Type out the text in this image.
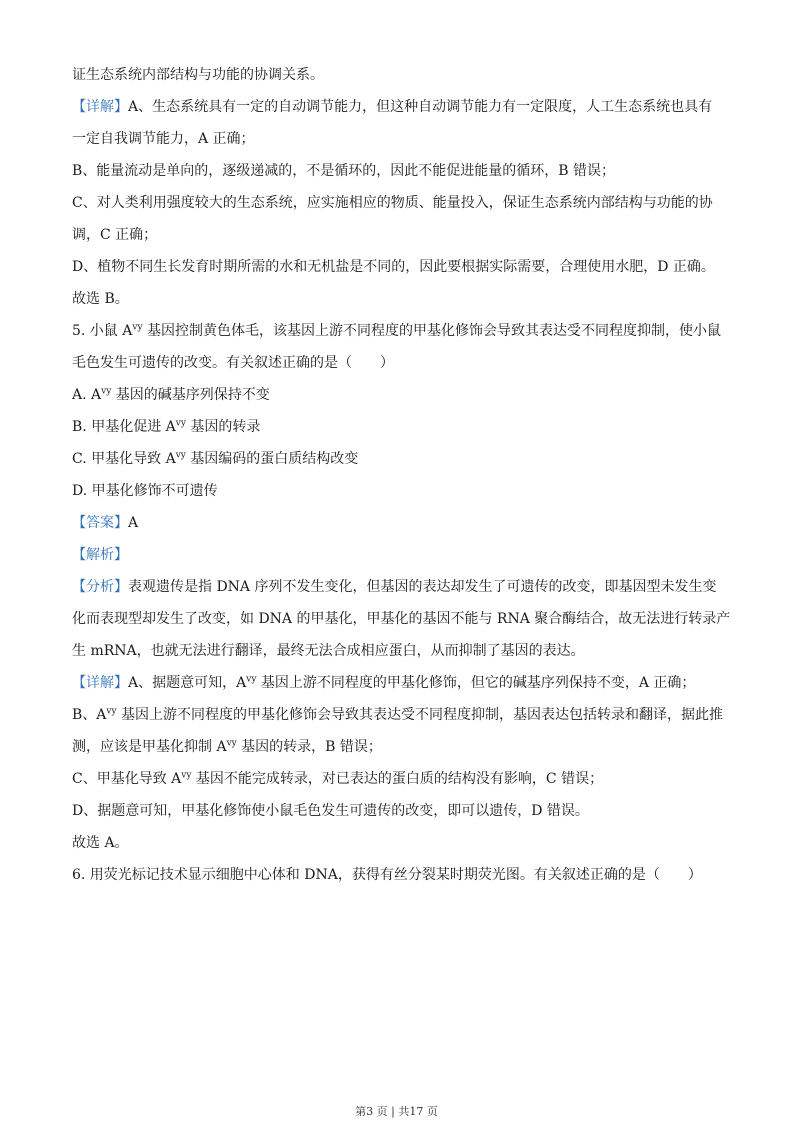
证生态系统内部结构与功能的协调关系。
【详解】A、生态系统具有一定的自动调节能力，但这种自动调节能力有一定限度，人工生态系统也具有
一定自我调节能力，A 正确；
B、能量流动是单向的，逐级递减的，不是循环的，因此不能促进能量的循环，B 错误；
C、对人类利用强度较大的生态系统，应实施相应的物质、能量投入，保证生态系统内部结构与功能的协
调，C 正确；
D、植物不同生长发育时期所需的水和无机盐是不同的，因此要根据实际需要，合理使用水肥，D 正确。
故选 B。
5. 小鼠 $A^{vy}$ 基因控制黄色体毛，该基因上游不同程度的甲基化修饰会导致其表达受不同程度抑制，使小鼠
毛色发生可遗传的改变。有关叙述正确的是（　　）
A. $A^{vy}$ 基因的碱基序列保持不变
B. 甲基化促进 $A^{vy}$ 基因的转录
C. 甲基化导致 $A^{vy}$ 基因编码的蛋白质结构改变
D. 甲基化修饰不可遗传
【答案】A
【解析】
【分析】表观遗传是指 DNA 序列不发生变化，但基因的表达却发生了可遗传的改变，即基因型未发生变
化而表现型却发生了改变，如 DNA 的甲基化，甲基化的基因不能与 RNA 聚合酶结合，故无法进行转录产
生 mRNA，也就无法进行翻译，最终无法合成相应蛋白，从而抑制了基因的表达。
【详解】A、据题意可知，$A^{vy}$ 基因上游不同程度的甲基化修饰，但它的碱基序列保持不变，A 正确；
B、$A^{vy}$ 基因上游不同程度的甲基化修饰会导致其表达受不同程度抑制，基因表达包括转录和翻译，据此推
测，应该是甲基化抑制 $A^{vy}$ 基因的转录，B 错误；
C、甲基化导致 $A^{vy}$ 基因不能完成转录，对已表达的蛋白质的结构没有影响，C 错误；
D、据题意可知，甲基化修饰使小鼠毛色发生可遗传的改变，即可以遗传，D 错误。
故选 A。
6. 用荧光标记技术显示细胞中心体和 DNA，获得有丝分裂某时期荧光图。有关叙述正确的是（　　）
第3 页 | 共17 页
